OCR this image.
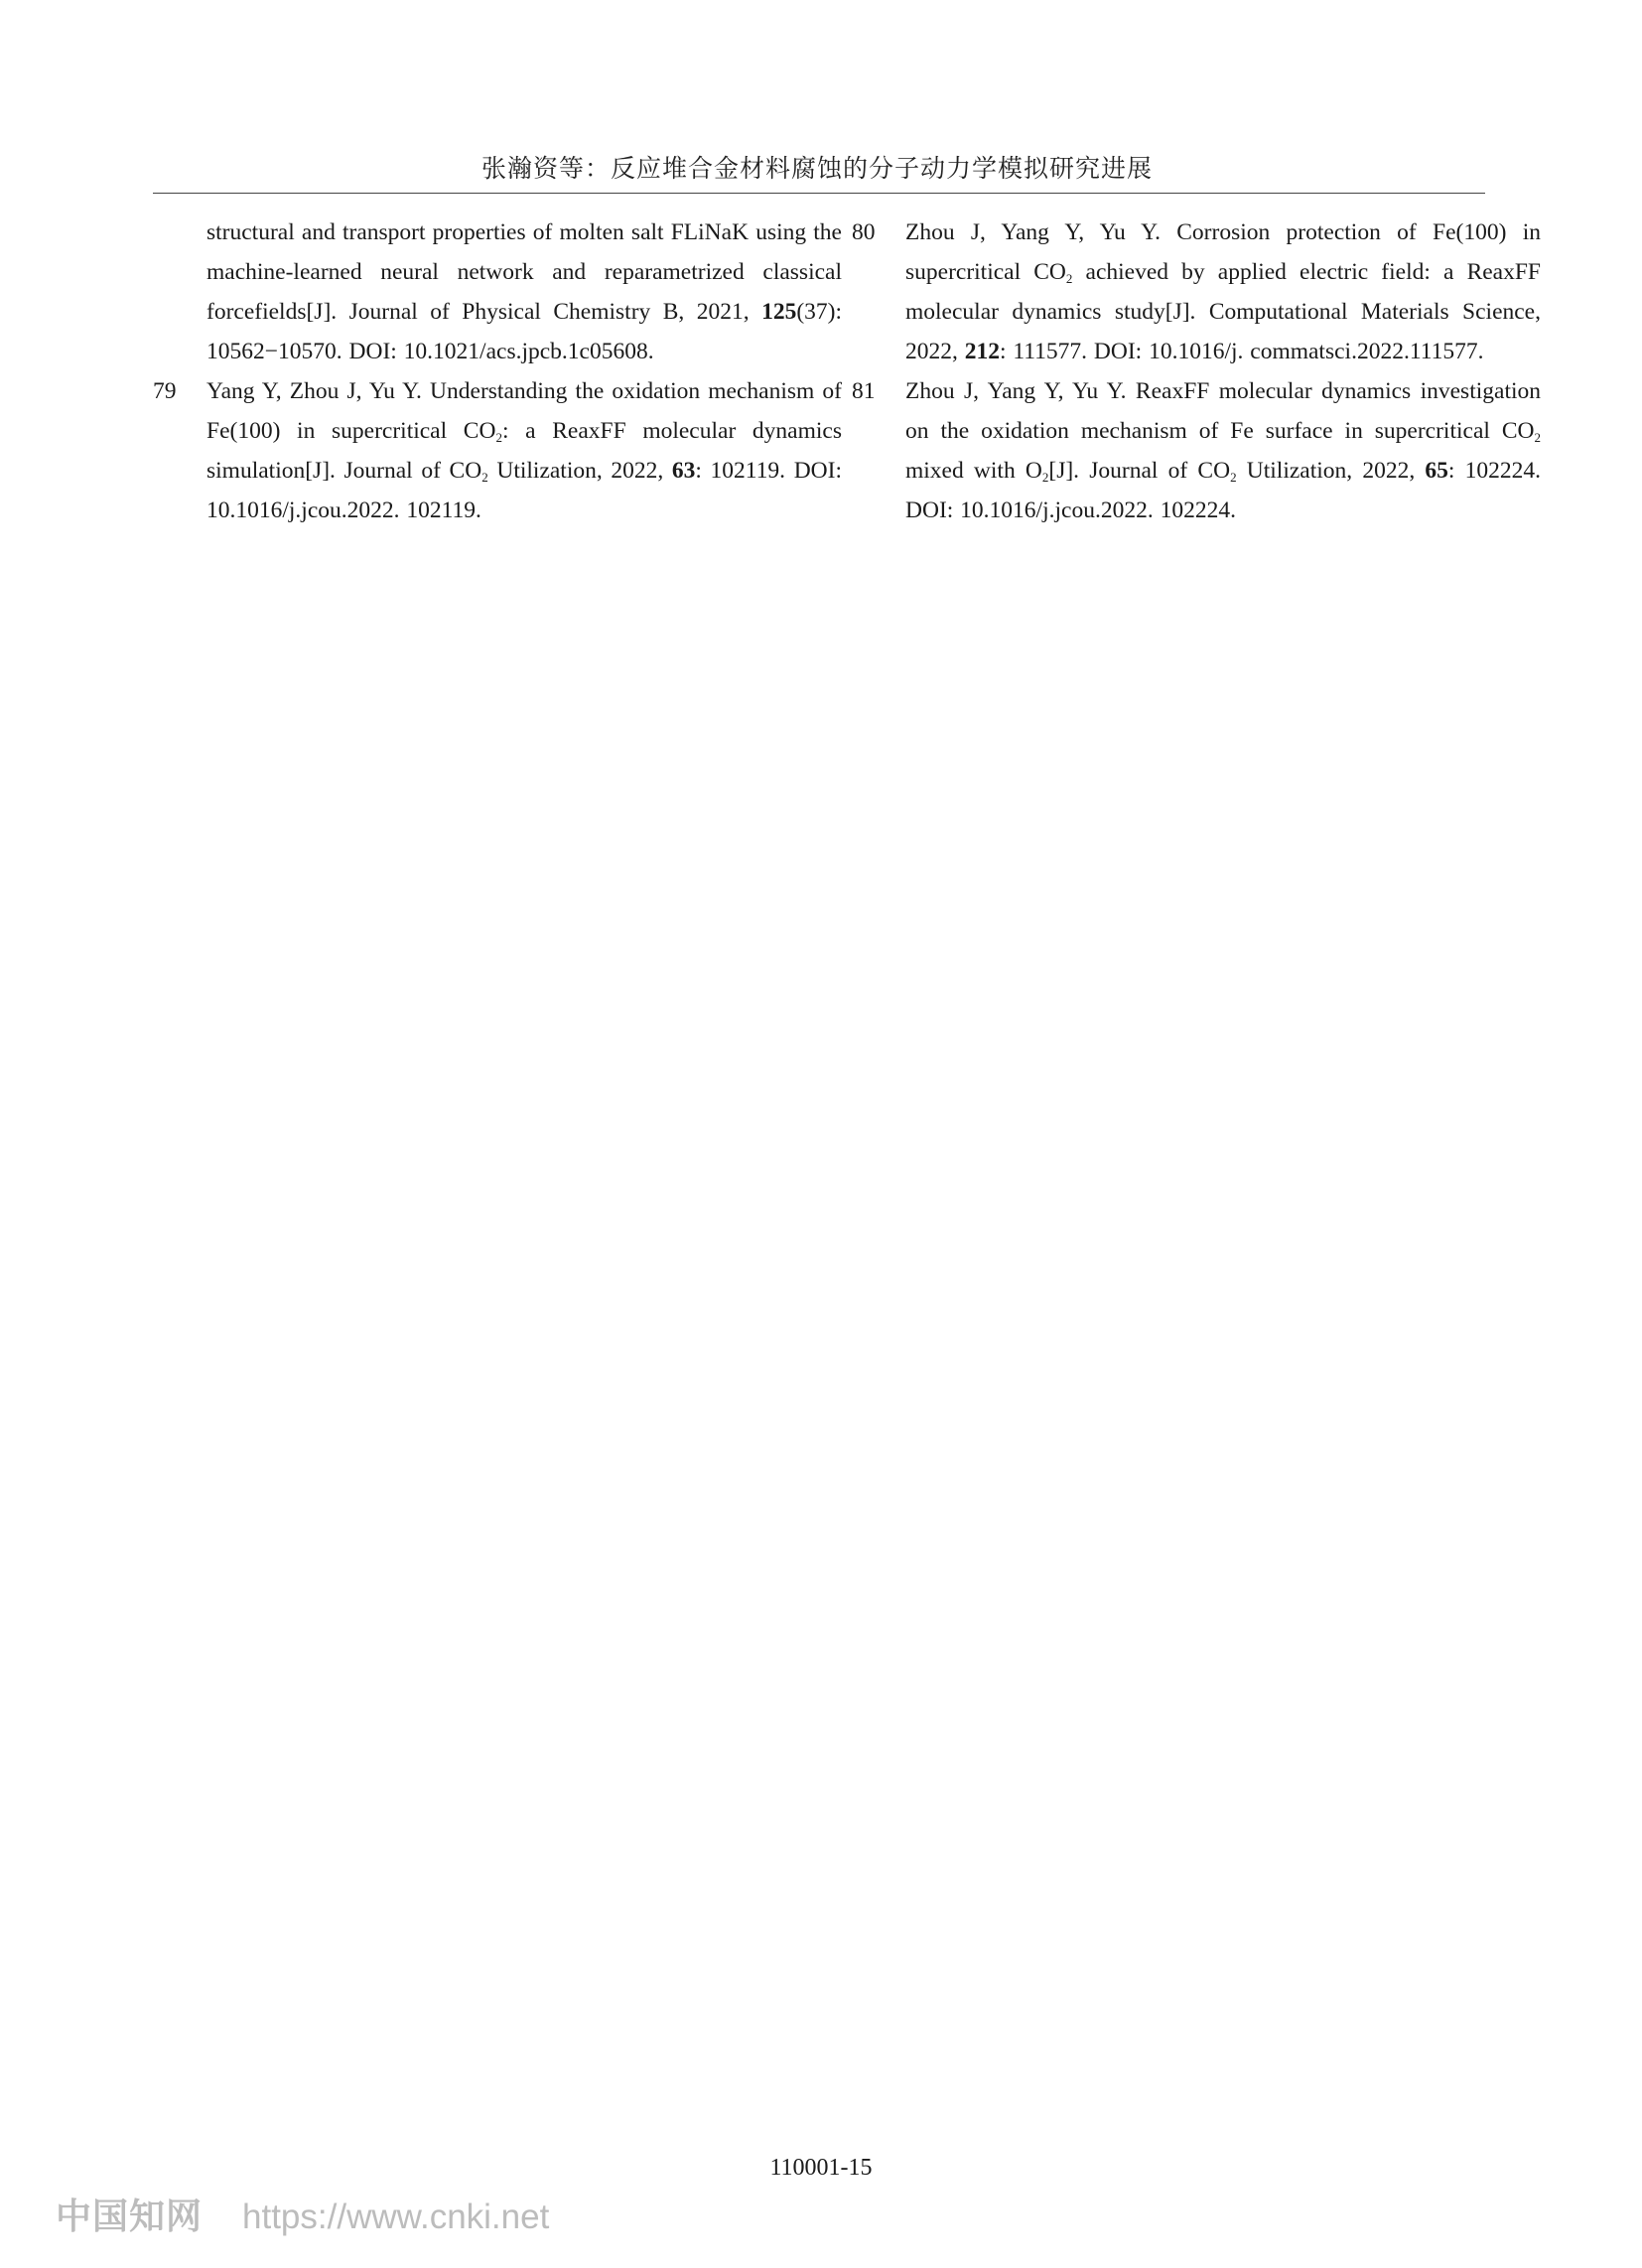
张瀚资等：反应堆合金材料腐蚀的分子动力学模拟研究进展
structural and transport properties of molten salt FLiNaK using the machine-learned neural network and reparametrized classical forcefields[J]. Journal of Physical Chemistry B, 2021, 125(37): 10562−10570. DOI: 10.1021/acs.jpcb.1c05608.
79 Yang Y, Zhou J, Yu Y. Understanding the oxidation mechanism of Fe(100) in supercritical $CO_2$: a ReaxFF molecular dynamics simulation[J]. Journal of $CO_2$ Utilization, 2022, 63: 102119. DOI: 10.1016/j.jcou.2022. 102119.
80 Zhou J, Yang Y, Yu Y. Corrosion protection of Fe(100) in supercritical $CO_2$ achieved by applied electric field: a ReaxFF molecular dynamics study[J]. Computational Materials Science, 2022, 212: 111577. DOI: 10.1016/j. commatsci.2022.111577.
81 Zhou J, Yang Y, Yu Y. ReaxFF molecular dynamics investigation on the oxidation mechanism of Fe surface in supercritical $CO_2$ mixed with $O_2[J]$. Journal of $CO_2$ Utilization, 2022, 65: 102224. DOI: 10.1016/j.jcou.2022. 102224.
110001-15
中国知网 https://www.cnki.net
